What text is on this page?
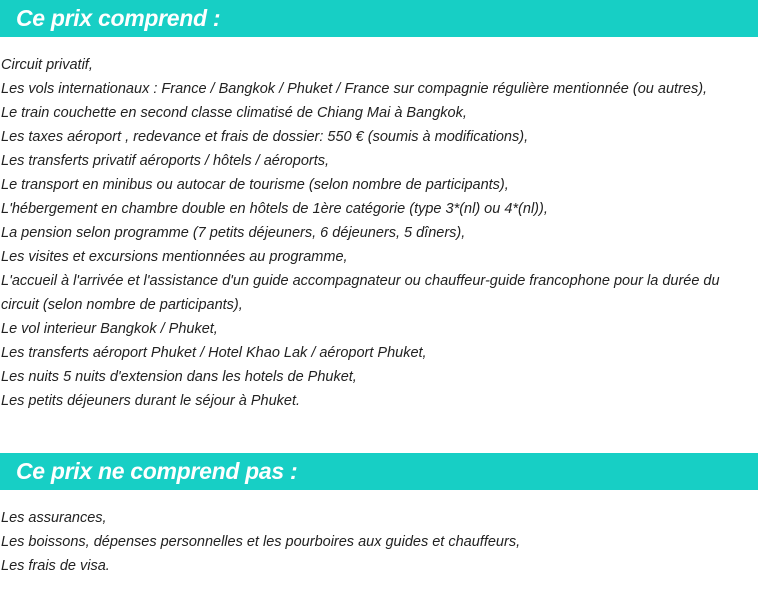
Ce prix comprend :
Circuit privatif,
Les vols internationaux : France / Bangkok / Phuket / France sur compagnie régulière mentionnée (ou autres),
Le train couchette en second classe climatisé de Chiang Mai à Bangkok,
Les taxes aéroport , redevance et frais de dossier: 550 € (soumis à modifications),
Les transferts privatif aéroports / hôtels / aéroports,
Le transport en minibus ou autocar de tourisme (selon nombre de participants),
L'hébergement en chambre double en hôtels de 1ère catégorie (type 3*(nl) ou 4*(nl)),
La pension selon programme (7 petits déjeuners, 6 déjeuners, 5 dîners),
Les visites et excursions mentionnées au programme,
L'accueil à l'arrivée et l'assistance d'un guide accompagnateur ou chauffeur-guide francophone pour la durée du circuit (selon nombre de participants),
Le vol interieur Bangkok / Phuket,
Les transferts aéroport Phuket / Hotel Khao Lak / aéroport Phuket,
Les nuits 5 nuits d'extension dans les hotels de Phuket,
Les petits déjeuners durant le séjour à Phuket.
Ce prix ne comprend pas :
Les assurances,
Les boissons, dépenses personnelles et les pourboires aux guides et chauffeurs,
Les frais de visa.
